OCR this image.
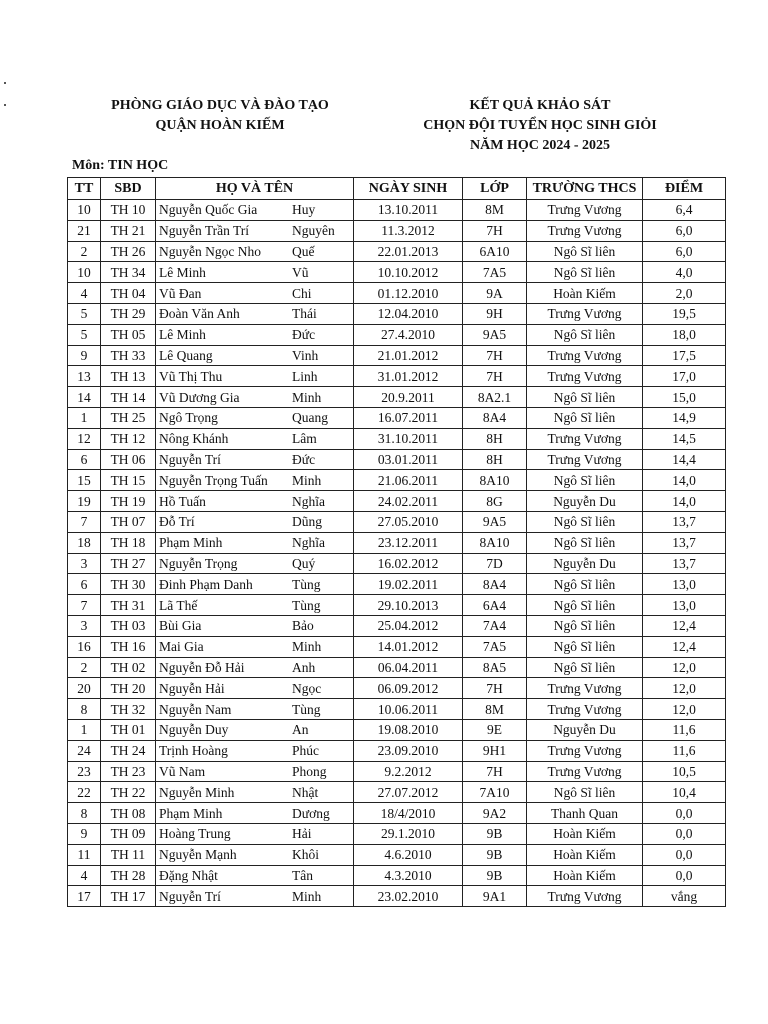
PHÒNG GIÁO DỤC VÀ ĐÀO TẠO
QUẬN HOÀN KIẾM
KẾT QUẢ KHẢO SÁT
CHỌN ĐỘI TUYỂN HỌC SINH GIỎI
NĂM HỌC 2024 - 2025
Môn: TIN HỌC
TT	SBD	HỌ VÀ TÊN	NGÀY SINH	LỚP	TRƯỜNG THCS	ĐIỂM
10	TH 10	Nguyễn Quốc Gia Huy	13.10.2011	8M	Trưng Vương	6,4
21	TH 21	Nguyễn Trần Trí Nguyên	11.3.2012	7H	Trưng Vương	6,0
2	TH 26	Nguyễn Ngọc Nho Quế	22.01.2013	6A10	Ngô Sĩ liên	6,0
10	TH 34	Lê Minh Vũ	10.10.2012	7A5	Ngô Sĩ liên	4,0
4	TH 04	Vũ Đan Chi	01.12.2010	9A	Hoàn Kiếm	2,0
5	TH 29	Đoàn Văn Anh Thái	12.04.2010	9H	Trưng Vương	19,5
5	TH 05	Lê Minh Đức	27.4.2010	9A5	Ngô Sĩ liên	18,0
9	TH 33	Lê Quang Vinh	21.01.2012	7H	Trưng Vương	17,5
13	TH 13	Vũ Thị Thu Linh	31.01.2012	7H	Trưng Vương	17,0
14	TH 14	Vũ Dương Gia Minh	20.9.2011	8A2.1	Ngô Sĩ liên	15,0
1	TH 25	Ngô Trọng Quang	16.07.2011	8A4	Ngô Sĩ liên	14,9
12	TH 12	Nông Khánh Lâm	31.10.2011	8H	Trưng Vương	14,5
6	TH 06	Nguyễn Trí Đức	03.01.2011	8H	Trưng Vương	14,4
15	TH 15	Nguyễn Trọng Tuấn Minh	21.06.2011	8A10	Ngô Sĩ liên	14,0
19	TH 19	Hồ Tuấn Nghĩa	24.02.2011	8G	Nguyễn Du	14,0
7	TH 07	Đỗ Trí Dũng	27.05.2010	9A5	Ngô Sĩ liên	13,7
18	TH 18	Phạm Minh Nghĩa	23.12.2011	8A10	Ngô Sĩ liên	13,7
3	TH 27	Nguyễn Trọng Quý	16.02.2012	7D	Nguyễn Du	13,7
6	TH 30	Đinh Phạm Danh Tùng	19.02.2011	8A4	Ngô Sĩ liên	13,0
7	TH 31	Lã Thế Tùng	29.10.2013	6A4	Ngô Sĩ liên	13,0
3	TH 03	Bùi Gia Bảo	25.04.2012	7A4	Ngô Sĩ liên	12,4
16	TH 16	Mai Gia Minh	14.01.2012	7A5	Ngô Sĩ liên	12,4
2	TH 02	Nguyễn Đỗ Hải Anh	06.04.2011	8A5	Ngô Sĩ liên	12,0
20	TH 20	Nguyễn Hải Ngọc	06.09.2012	7H	Trưng Vương	12,0
8	TH 32	Nguyễn Nam Tùng	10.06.2011	8M	Trưng Vương	12,0
1	TH 01	Nguyễn Duy An	19.08.2010	9E	Nguyễn Du	11,6
24	TH 24	Trịnh Hoàng Phúc	23.09.2010	9H1	Trưng Vương	11,6
23	TH 23	Vũ Nam Phong	9.2.2012	7H	Trưng Vương	10,5
22	TH 22	Nguyễn Minh Nhật	27.07.2012	7A10	Ngô Sĩ liên	10,4
8	TH 08	Phạm Minh Dương	18/4/2010	9A2	Thanh Quan	0,0
9	TH 09	Hoàng Trung Hải	29.1.2010	9B	Hoàn Kiếm	0,0
11	TH 11	Nguyễn Mạnh Khôi	4.6.2010	9B	Hoàn Kiếm	0,0
4	TH 28	Đặng Nhật Tân	4.3.2010	9B	Hoàn Kiếm	0,0
17	TH 17	Nguyễn Trí Minh	23.02.2010	9A1	Trưng Vương	vắng
